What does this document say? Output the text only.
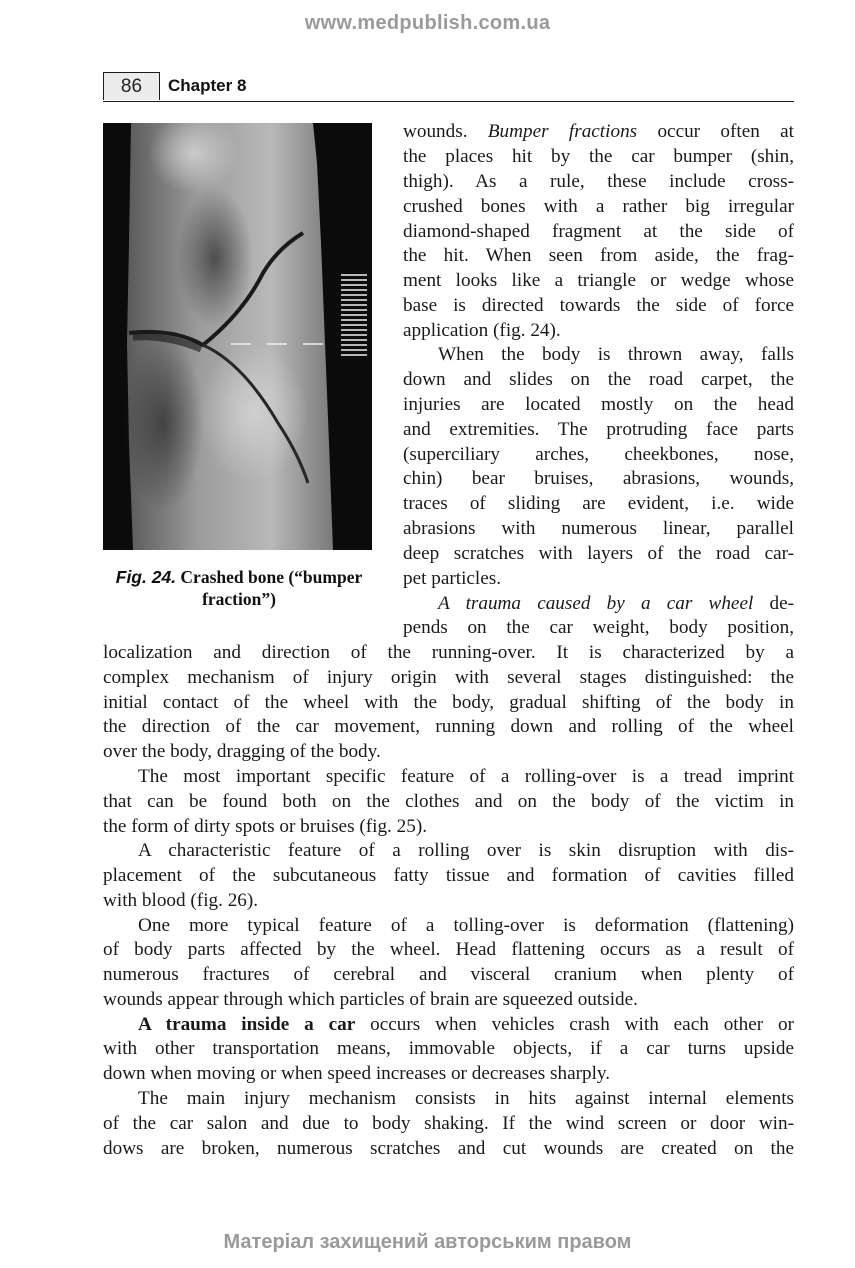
www.medpublish.com.ua
86	Chapter 8
Fig. 24. Crashed bone (“bumper
fraction”)
wounds. Bumper fractions occur often at
the places hit by the car bumper (shin,
thigh). As a rule, these include cross-
crushed bones with a rather big irregular
diamond-shaped fragment at the side of
the hit. When seen from aside, the frag-
ment looks like a triangle or wedge whose
base is directed towards the side of force
application (fig. 24).
When the body is thrown away, falls
down and slides on the road carpet, the
injuries are located mostly on the head
and extremities. The protruding face parts
(superciliary arches, cheekbones, nose,
chin) bear bruises, abrasions, wounds,
traces of sliding are evident, i.e. wide
abrasions with numerous linear, parallel
deep scratches with layers of the road car-
pet particles.
A trauma caused by a car wheel de-
pends on the car weight, body position,
localization and direction of the running-over. It is characterized by a
complex mechanism of injury origin with several stages distinguished: the
initial contact of the wheel with the body, gradual shifting of the body in
the direction of the car movement, running down and rolling of the wheel
over the body, dragging of the body.
The most important specific feature of a rolling-over is a tread imprint
that can be found both on the clothes and on the body of the victim in
the form of dirty spots or bruises (fig. 25).
A characteristic feature of a rolling over is skin disruption with dis-
placement of the subcutaneous fatty tissue and formation of cavities filled
with blood (fig. 26).
One more typical feature of a tolling-over is deformation (flattening)
of body parts affected by the wheel. Head flattening occurs as a result of
numerous fractures of cerebral and visceral cranium when plenty of
wounds appear through which particles of brain are squeezed outside.
A trauma inside a car occurs when vehicles crash with each other or
with other transportation means, immovable objects, if a car turns upside
down when moving or when speed increases or decreases sharply.
The main injury mechanism consists in hits against internal elements
of the car salon and due to body shaking. If the wind screen or door win-
dows are broken, numerous scratches and cut wounds are created on the
Матеріал захищений авторським правом
